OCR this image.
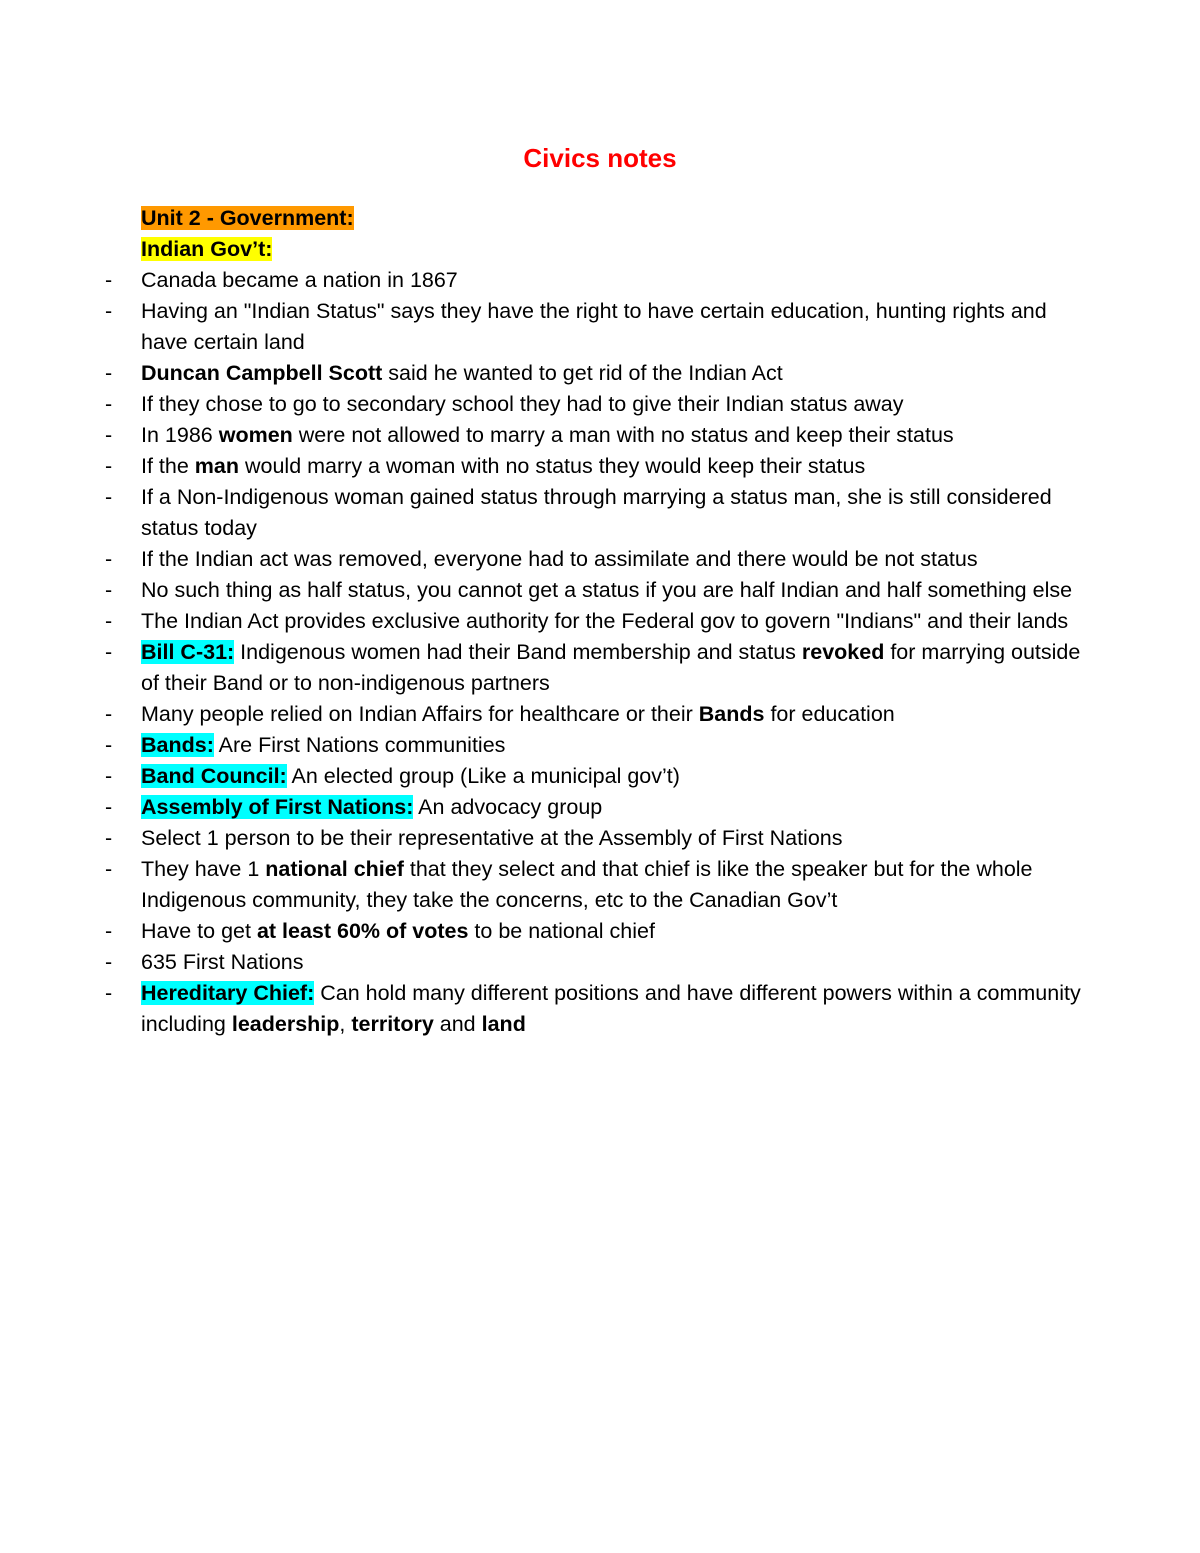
Civics notes

Unit 2 - Government:

Indian Gov’t:

-	Canada became a nation in 1867
-	Having an "Indian Status" says they have the right to have certain education, hunting rights and have certain land
-	Duncan Campbell Scott said he wanted to get rid of the Indian Act
-	If they chose to go to secondary school they had to give their Indian status away
-	In 1986 women were not allowed to marry a man with no status and keep their status
-	If the man would marry a woman with no status they would keep their status
-	If a Non-Indigenous woman gained status through marrying a status man, she is still considered status today
-	If the Indian act was removed, everyone had to assimilate and there would be not status
-	No such thing as half status, you cannot get a status if you are half Indian and half something else
-	The Indian Act provides exclusive authority for the Federal gov to govern "Indians" and their lands
-	Bill C-31: Indigenous women had their Band membership and status revoked for marrying outside of their Band or to non-indigenous partners
-	Many people relied on Indian Affairs for healthcare or their Bands for education
-	Bands: Are First Nations communities
-	Band Council: An elected group (Like a municipal gov’t)
-	Assembly of First Nations: An advocacy group
-	Select 1 person to be their representative at the Assembly of First Nations
-	They have 1 national chief that they select and that chief is like the speaker but for the whole Indigenous community, they take the concerns, etc to the Canadian Gov’t
-	Have to get at least 60% of votes to be national chief
-	635 First Nations
-	Hereditary Chief: Can hold many different positions and have different powers within a community including leadership, territory and land
